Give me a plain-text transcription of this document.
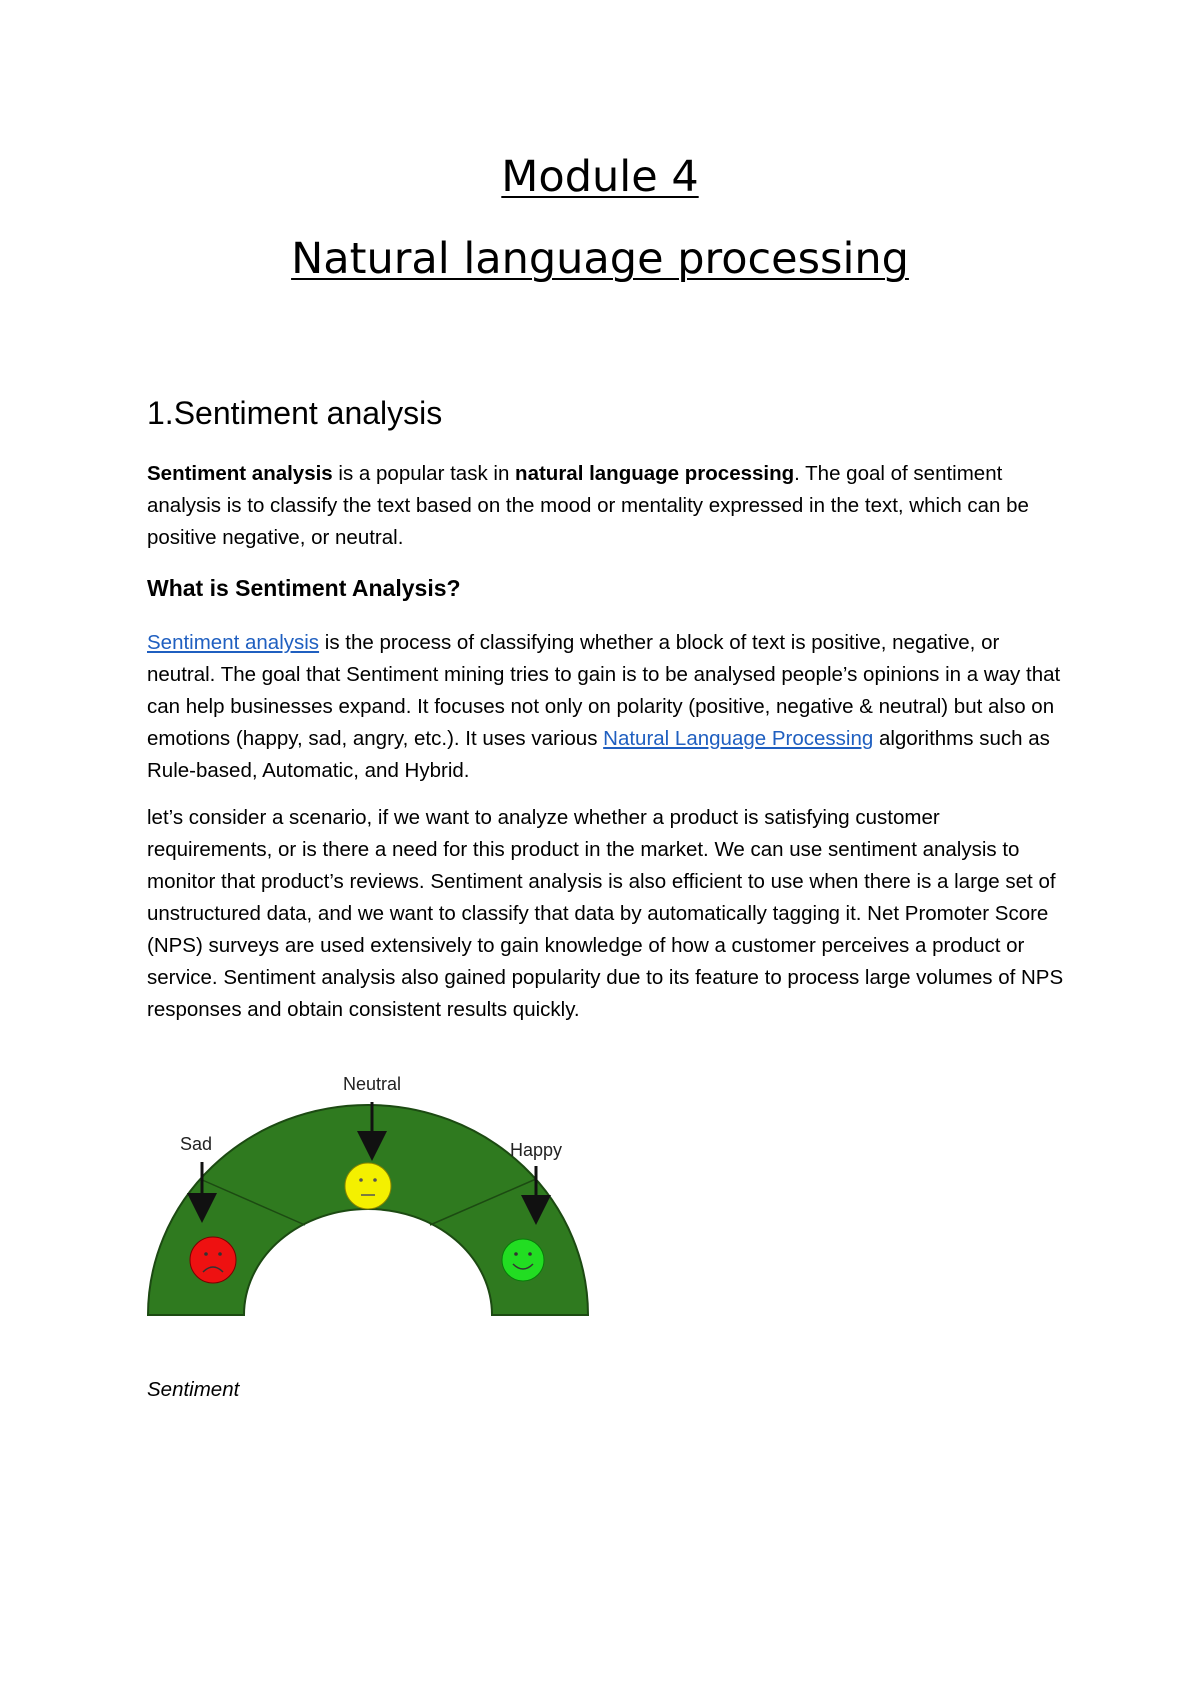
Module 4
Natural language processing
1.Sentiment analysis

Sentiment analysis is a popular task in natural language processing. The goal of sentiment analysis is to classify the text based on the mood or mentality expressed in the text, which can be positive negative, or neutral.

What is Sentiment Analysis?

Sentiment analysis is the process of classifying whether a block of text is positive, negative, or neutral. The goal that Sentiment mining tries to gain is to be analysed people’s opinions in a way that can help businesses expand. It focuses not only on polarity (positive, negative & neutral) but also on emotions (happy, sad, angry, etc.). It uses various Natural Language Processing algorithms such as Rule-based, Automatic, and Hybrid.

let’s consider a scenario, if we want to analyze whether a product is satisfying customer requirements, or is there a need for this product in the market. We can use sentiment analysis to monitor that product’s reviews. Sentiment analysis is also efficient to use when there is a large set of unstructured data, and we want to classify that data by automatically tagging it. Net Promoter Score (NPS) surveys are used extensively to gain knowledge of how a customer perceives a product or service. Sentiment analysis also gained popularity due to its feature to process large volumes of NPS responses and obtain consistent results quickly.

Sad
Neutral
Happy

Sentiment
